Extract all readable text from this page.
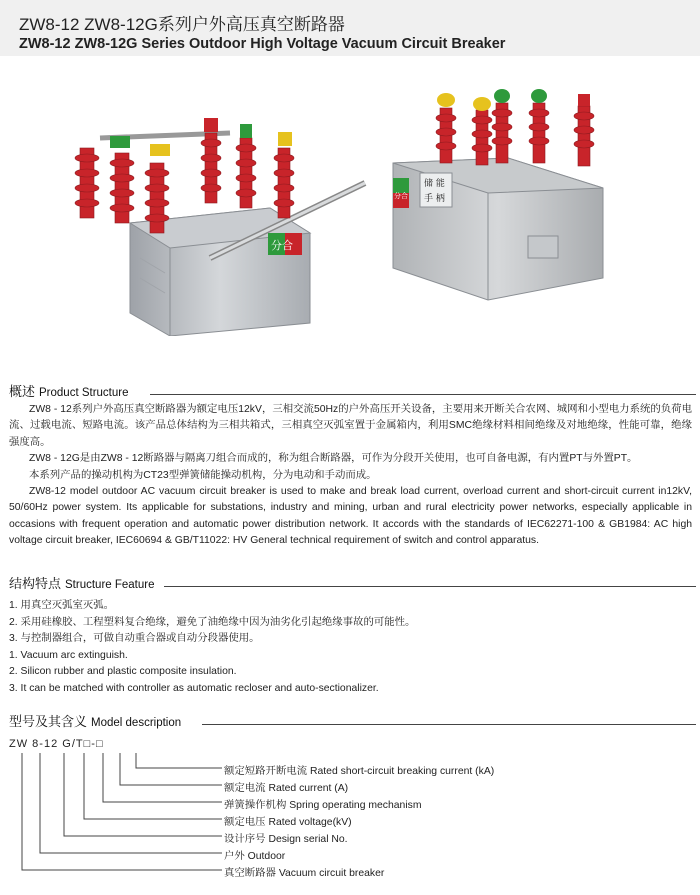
ZW8-12 ZW8-12G系列户外高压真空断路器
ZW8-12 ZW8-12G Series Outdoor High Voltage Vacuum Circuit Breaker
分合
储 能
手 柄
分合
概述 Product Structure

ZW8 - 12系列户外高压真空断路器为额定电压12kV，三相交流50Hz的户外高压开关设备，主要用来开断关合农网、城网和小型电力系统的负荷电流、过载电流、短路电流。该产品总体结构为三相共箱式，三相真空灭弧室置于金属箱内，利用SMC绝缘材料相间绝缘及对地绝缘，性能可靠，绝缘强度高。

ZW8 - 12G是由ZW8 - 12断路器与隔离刀组合而成的，称为组合断路器，可作为分段开关使用，也可自备电源，有内置PT与外置PT。

本系列产品的操动机构为CT23型弹簧储能操动机构，分为电动和手动而成。

ZW8-12 model outdoor AC vacuum circuit breaker is used to make and break load current, overload current and short-circuit current in12kV, 50/60Hz power system. Its applicable for substations, industry and mining, urban and rural electricity power networks, especially applicable in occasions with frequent operation and automatic power distribution network. It accords with the standards of IEC62271-100 & GB1984: AC high voltage circuit breaker, IEC60694 & GB/T11022: HV General technical requirement of switch and control apparatus.

结构特点 Structure Feature
1. 用真空灭弧室灭弧。
2. 采用硅橡胶、工程塑料复合绝缘，避免了油绝缘中因为油劣化引起绝缘事故的可能性。
3. 与控制器组合，可做自动重合器或自动分段器使用。
1. Vacuum arc extinguish.
2. Silicon rubber and plastic composite insulation.
3. It can be matched with controller as automatic recloser and auto-sectionalizer.
型号及其含义 Model description
ZW 8-12 G/T□-□
额定短路开断电流 Rated short-circuit breaking current (kA)
额定电流 Rated current (A)
弹簧操作机构 Spring operating mechanism
额定电压 Rated voltage(kV)
设计序号 Design serial No.
户外 Outdoor
真空断路器 Vacuum circuit breaker
